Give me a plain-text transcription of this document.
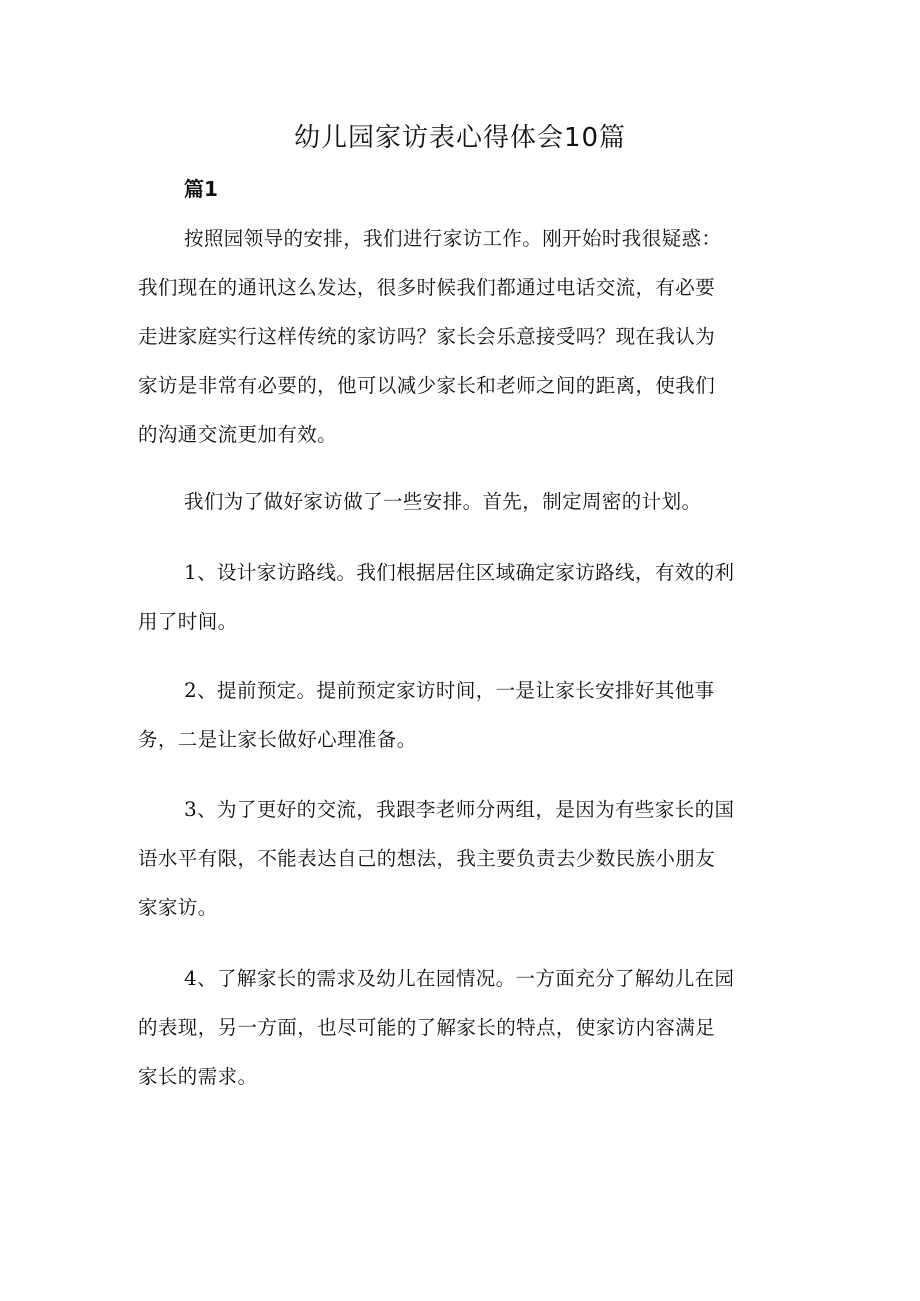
幼儿园家访表心得体会10篇
篇1

按照园领导的安排，我们进行家访工作。刚开始时我很疑惑：
我们现在的通讯这么发达，很多时候我们都通过电话交流，有必要
走进家庭实行这样传统的家访吗？家长会乐意接受吗？现在我认为
家访是非常有必要的，他可以减少家长和老师之间的距离，使我们
的沟通交流更加有效。

我们为了做好家访做了一些安排。首先，制定周密的计划。

1、设计家访路线。我们根据居住区域确定家访路线，有效的利
用了时间。

2、提前预定。提前预定家访时间，一是让家长安排好其他事
务，二是让家长做好心理准备。

3、为了更好的交流，我跟李老师分两组，是因为有些家长的国
语水平有限，不能表达自己的想法，我主要负责去少数民族小朋友
家家访。

4、了解家长的需求及幼儿在园情况。一方面充分了解幼儿在园
的表现，另一方面，也尽可能的了解家长的特点，使家访内容满足
家长的需求。
